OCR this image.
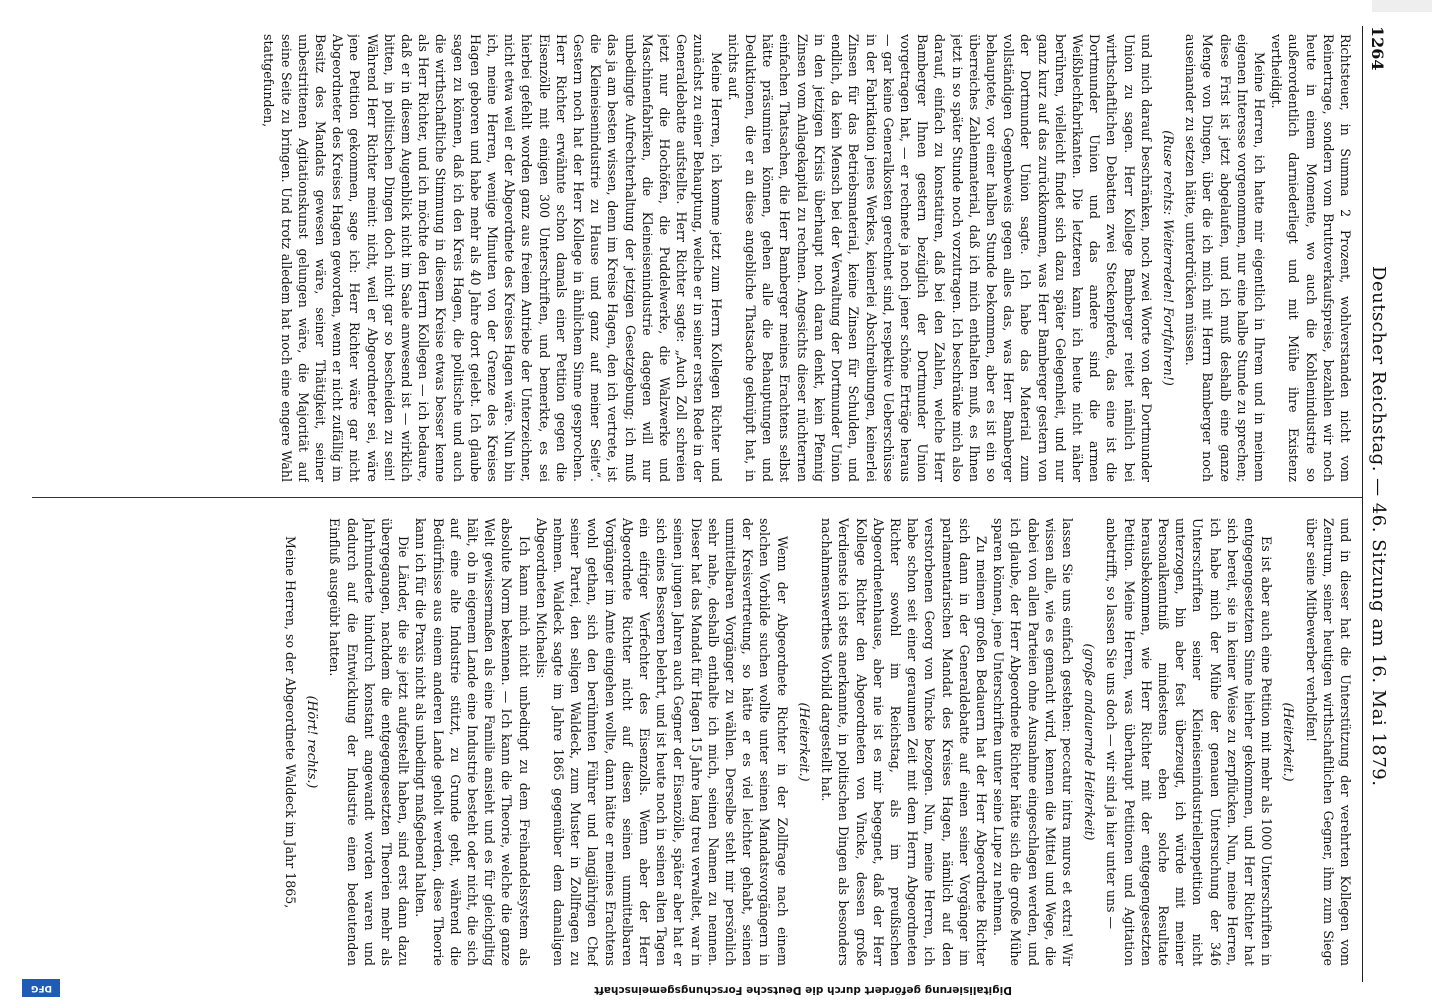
1264
Deutscher Reichstag. — 46. Sitzung am 16. Mai 1879.

Richtsteuer, in Summa 2 Prozent, wohlverstanden nicht vom Reinertrage, sondern vom Bruttoverkaufspreise, bezahlen wir noch heute in einem Momente, wo auch die Kohlenindustrie so außerordentlich darniederliegt und mit Mühe ihre Existenz vertheidigt.

Meine Herren, ich hatte mir eigentlich in Ihrem und in meinem eigenen Interesse vorgenommen, nur eine halbe Stunde zu sprechen; diese Frist ist jetzt abgelaufen, und ich muß deshalb eine ganze Menge von Dingen, über die ich mich mit Herrn Bamberger noch auseinander zu setzen hätte, unterdrücken müssen.

(Ruse rechts: Weiterreden! Fortfahren!)

und mich darauf beschränken, noch zwei Worte von der Dortmunder Union zu sagen. Herr Kollege Bamberger reitet nämlich bei wirthschaftlichen Debatten zwei Steckenpferde, das eine ist die Dortmunder Union und das andere sind die armen Weißblechfabrikanten. Die letzteren kann ich heute nicht näher berühren, vielleicht findet sich dazu später Gelegenheit, und nur ganz kurz auf das zurückkommen, was Herr Bamberger gestern von der Dortmunder Union sagte. Ich habe das Material zum vollständigen Gegenbeweis gegen alles das, was Herr Bamberger behauptete, vor einer halben Stunde bekommen, aber es ist ein so überreiches Zahlenmaterial, daß ich mich enthalten muß, es Ihnen jetzt in so später Stunde noch vorzutragen. Ich beschränke mich also darauf, einfach zu konstatiren, daß bei den Zahlen, welche Herr Bamberger Ihnen gestern bezüglich der Dortmunder Union vorgetragen hat, — er rechnete ja noch jener schöne Erträge heraus — gar keine Generalkosten gerechnet sind, respektive Ueberschüsse in der Fabrikation jenes Werkes, keinerlei Abschreibungen, keinerlei Zinsen für das Betriebsmaterial, keine Zinsen für Schulden, und endlich, da kein Mensch bei der Verwaltung der Dortmunder Union in den jetzigen Krisis überhaupt noch daran denkt, kein Pfennig Zinsen vom Anlagekapital zu rechnen. Angesichts dieser nüchternen einfachen Thatsachen, die Herr Bamberger meines Erachtens selbst hätte präsumiren können, gehen alle die Behauptungen und Deduktionen, die er an diese angebliche Thatsache geknüpft hat, in nichts auf.

Meine Herren, ich komme jetzt zum Herrn Kollegen Richter und zunächst zu einer Behauptung, welche er in seiner ersten Rede in der Generaldebatte aufstellte. Herr Richter sagte: „Auch Zoll schreien jetzt nur die Hochöfen, die Puddelwerke, die Walzwerke und Maschinenfabriken, die Kleineisenindustrie dagegen will nur unbedingte Aufrechterhaltung der jetzigen Gesetzgebung; ich muß das ja am besten wissen, denn im Kreise Hagen, den ich vertrete, ist die Kleineisenindustrie zu Hause und ganz auf meiner Seite“. Gestern noch hat der Herr Kollege in ähnlichem Sinne gesprochen. Herr Richter erwähnte schon damals einer Petition gegen die Eisenzölle mit einigen 300 Unterschriften, und bemerkte, es sei hierbei gefehlt worden ganz aus freiem Antriebe der Unterzeichner, nicht etwa weil er der Abgeordnete des Kreises Hagen wäre. Nun bin ich, meine Herren, wenige Minuten von der Grenze des Kreises Hagen geboren und habe mehr als 40 Jahre dort gelebt. Ich glaube sagen zu können, daß ich den Kreis Hagen, die politische und auch die wirthschaftliche Stimmung in diesem Kreise etwas besser kenne als Herr Richter, und ich möchte den Herrn Kollegen — ich bedaure, daß er in diesem Augenblick nicht im Saale anwesend ist — wirklich bitten, in politischen Dingen doch nicht gar so bescheiden zu sein! Während Herr Richter meint: nicht, weil er Abgeordneter sei, wäre jene Petition gekommen, sage ich: Herr Richter wäre gar nicht Abgeordneter des Kreises Hagen geworden, wenn er nicht zufällig im Besitz des Mandats gewesen wäre, seiner Thätigkeit, seiner unbestrittenen Agitationskunst gelungen wäre, die Majorität auf seine Seite zu bringen. Und trotz alledem hat noch eine engere Wahl stattgefunden,

und in dieser hat die Unterstützung der verehrten Kollegen vom Zentrum, seiner heutigen wirthschaftlichen Gegner, ihm zum Siege über seine Mitbewerber verholfen!

(Heiterkeit.)

Es ist aber auch eine Petition mit mehr als 1000 Unterschriften in entgegengesetztem Sinne hierher gekommen, und Herr Richter hat sich bereit, sie in keiner Weise zu zerpflücken. Nun, meine Herren, ich habe mich der Mühe der genauen Untersuchung der 346 Unterschriften seiner Kleineisenindustriellenpetition nicht unterzogen, bin aber fest überzeugt, ich würde mit meiner Personalkenntniß mindestens eben solche Resultate herausbekommen, wie Herr Richter mit der entgegengesetzten Petition. Meine Herren, was überhaupt Petitionen und Agitation anbetrifft, so lassen Sie uns doch — wir sind ja hier unter uns —

(große andauernde Heiterkeit)

lassen Sie uns einfach gestehen: peccatur intra muros et extra! Wir wissen alle, wie es gemacht wird, kennen die Mittel und Wege, die dabei von allen Parteien ohne Ausnahme eingeschlagen werden, und ich glaube, der Herr Abgeordnete Richter hätte sich die große Mühe sparen können, jene Unterschriften unter seine Lupe zu nehmen.

Zu meinem großen Bedauern hat der Herr Abgeordnete Richter sich dann in der Generaldebatte auf einen seiner Vorgänger im parlamentarischen Mandat des Kreises Hagen, nämlich auf den verstorbenen Georg von Vincke bezogen. Nun, meine Herren, ich habe schon seit einer geraumen Zeit mit dem Herrn Abgeordneten Richter sowohl im Reichstag, als im preußischen Abgeordnetenhause, aber nie ist es mir begegnet, daß der Herr Kollege Richter den Abgeordneten von Vincke, dessen große Verdienste ich stets anerkannte, in politischen Dingen als besonders nachahmenswerthes Vorbild dargestellt hat.

(Heiterkeit.)

Wenn der Abgeordnete Richter in der Zollfrage nach einem solchen Vorbilde suchen wollte unter seinen Mandatsvorgängern in der Kreisvertretung, so hätte er es viel leichter gehabt, seinen unmittelbaren Vorgänger zu wählen. Derselbe steht mir persönlich sehr nahe, deshalb enthalte ich mich, seinen Namen zu nennen. Dieser hat das Mandat für Hagen 15 Jahre lang treu verwaltet, war in seinen jungen Jahren auch Gegner der Eisenzölle, später aber hat er sich eines Besseren belehrt, und ist heute noch in seinen alten Tagen ein eifriger Verfechter des Eisenzolls. Wenn aber der Herr Abgeordnete Richter nicht auf diesen seinen unmittelbaren Vorgänger im Amte eingehen wollte, dann hätte er meines Erachtens wohl gethan, sich den berühmten Führer und langjährigen Chef seiner Partei, den seligen Waldeck, zum Muster in Zollfragen zu nehmen. Waldeck sagte im Jahre 1865 gegenüber dem damaligen Abgeordneten Michaelis:

Ich kann mich nicht unbedingt zu dem Freihandelssystem als absolute Norm bekennen. — Ich kann die Theorie, welche die ganze Welt gewissermaßen als eine Familie ansieht und es für gleichgiltig hält, ob in eigenem Lande eine Industrie besteht oder nicht, die sich auf eine alte Industrie stützt, zu Grunde geht, während die Bedürfnisse aus einem anderen Lande geholt werden, diese Theorie kann ich für die Praxis nicht als unbedingt maßgebend halten.

Die Länder, die sie jetzt aufgestellt haben, sind erst dann dazu übergegangen, nachdem die entgegengesetzten Theorien mehr als Jahrhunderte hindurch konstant angewandt worden waren und dadurch auf die Entwicklung der Industrie einen bedeutenden Einfluß ausgeübt hatten.

(Hört! rechts.)

Meine Herren, so der Abgeordnete Waldeck im Jahr 1865,

Digitalisierung gefördert durch die Deutsche Forschungsgemeinschaft
DFG
